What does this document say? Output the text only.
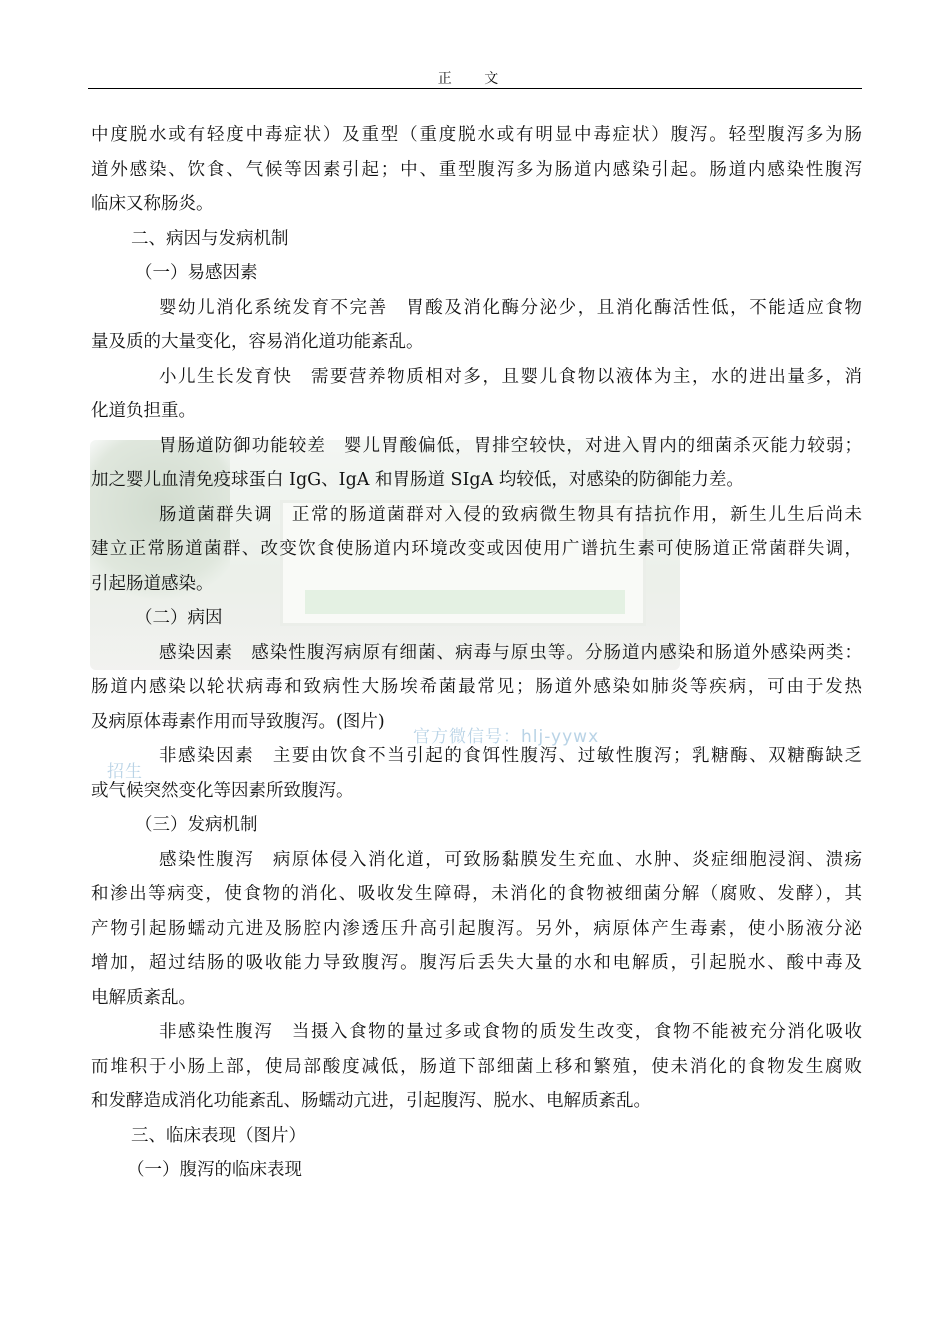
官方微信号：hlj-yywx
招生
正 文
中度脱水或有轻度中毒症状）及重型（重度脱水或有明显中毒症状）腹泻。轻型腹泻多为肠
道外感染、饮食、气候等因素引起；中、重型腹泻多为肠道内感染引起。肠道内感染性腹泻
临床又称肠炎。
二、病因与发病机制
（一）易感因素
婴幼儿消化系统发育不完善 胃酸及消化酶分泌少，且消化酶活性低，不能适应食物
量及质的大量变化，容易消化道功能紊乱。
小儿生长发育快 需要营养物质相对多，且婴儿食物以液体为主，水的进出量多，消
化道负担重。
胃肠道防御功能较差 婴儿胃酸偏低，胃排空较快，对进入胃内的细菌杀灭能力较弱；
加之婴儿血清免疫球蛋白 IgG、IgA 和胃肠道 SIgA 均较低，对感染的防御能力差。
肠道菌群失调 正常的肠道菌群对入侵的致病微生物具有拮抗作用，新生儿生后尚未
建立正常肠道菌群、改变饮食使肠道内环境改变或因使用广谱抗生素可使肠道正常菌群失调，
引起肠道感染。
（二）病因
感染因素 感染性腹泻病原有细菌、病毒与原虫等。分肠道内感染和肠道外感染两类：
肠道内感染以轮状病毒和致病性大肠埃希菌最常见；肠道外感染如肺炎等疾病，可由于发热
及病原体毒素作用而导致腹泻。(图片)
非感染因素 主要由饮食不当引起的食饵性腹泻、过敏性腹泻；乳糖酶、双糖酶缺乏
或气候突然变化等因素所致腹泻。
（三）发病机制
感染性腹泻 病原体侵入消化道，可致肠黏膜发生充血、水肿、炎症细胞浸润、溃疡
和渗出等病变，使食物的消化、吸收发生障碍，未消化的食物被细菌分解（腐败、发酵），其
产物引起肠蠕动亢进及肠腔内渗透压升高引起腹泻。另外，病原体产生毒素，使小肠液分泌
增加，超过结肠的吸收能力导致腹泻。腹泻后丢失大量的水和电解质，引起脱水、酸中毒及
电解质紊乱。
非感染性腹泻 当摄入食物的量过多或食物的质发生改变，食物不能被充分消化吸收
而堆积于小肠上部，使局部酸度减低，肠道下部细菌上移和繁殖，使未消化的食物发生腐败
和发酵造成消化功能紊乱、肠蠕动亢进，引起腹泻、脱水、电解质紊乱。
三、临床表现（图片）
（一）腹泻的临床表现
